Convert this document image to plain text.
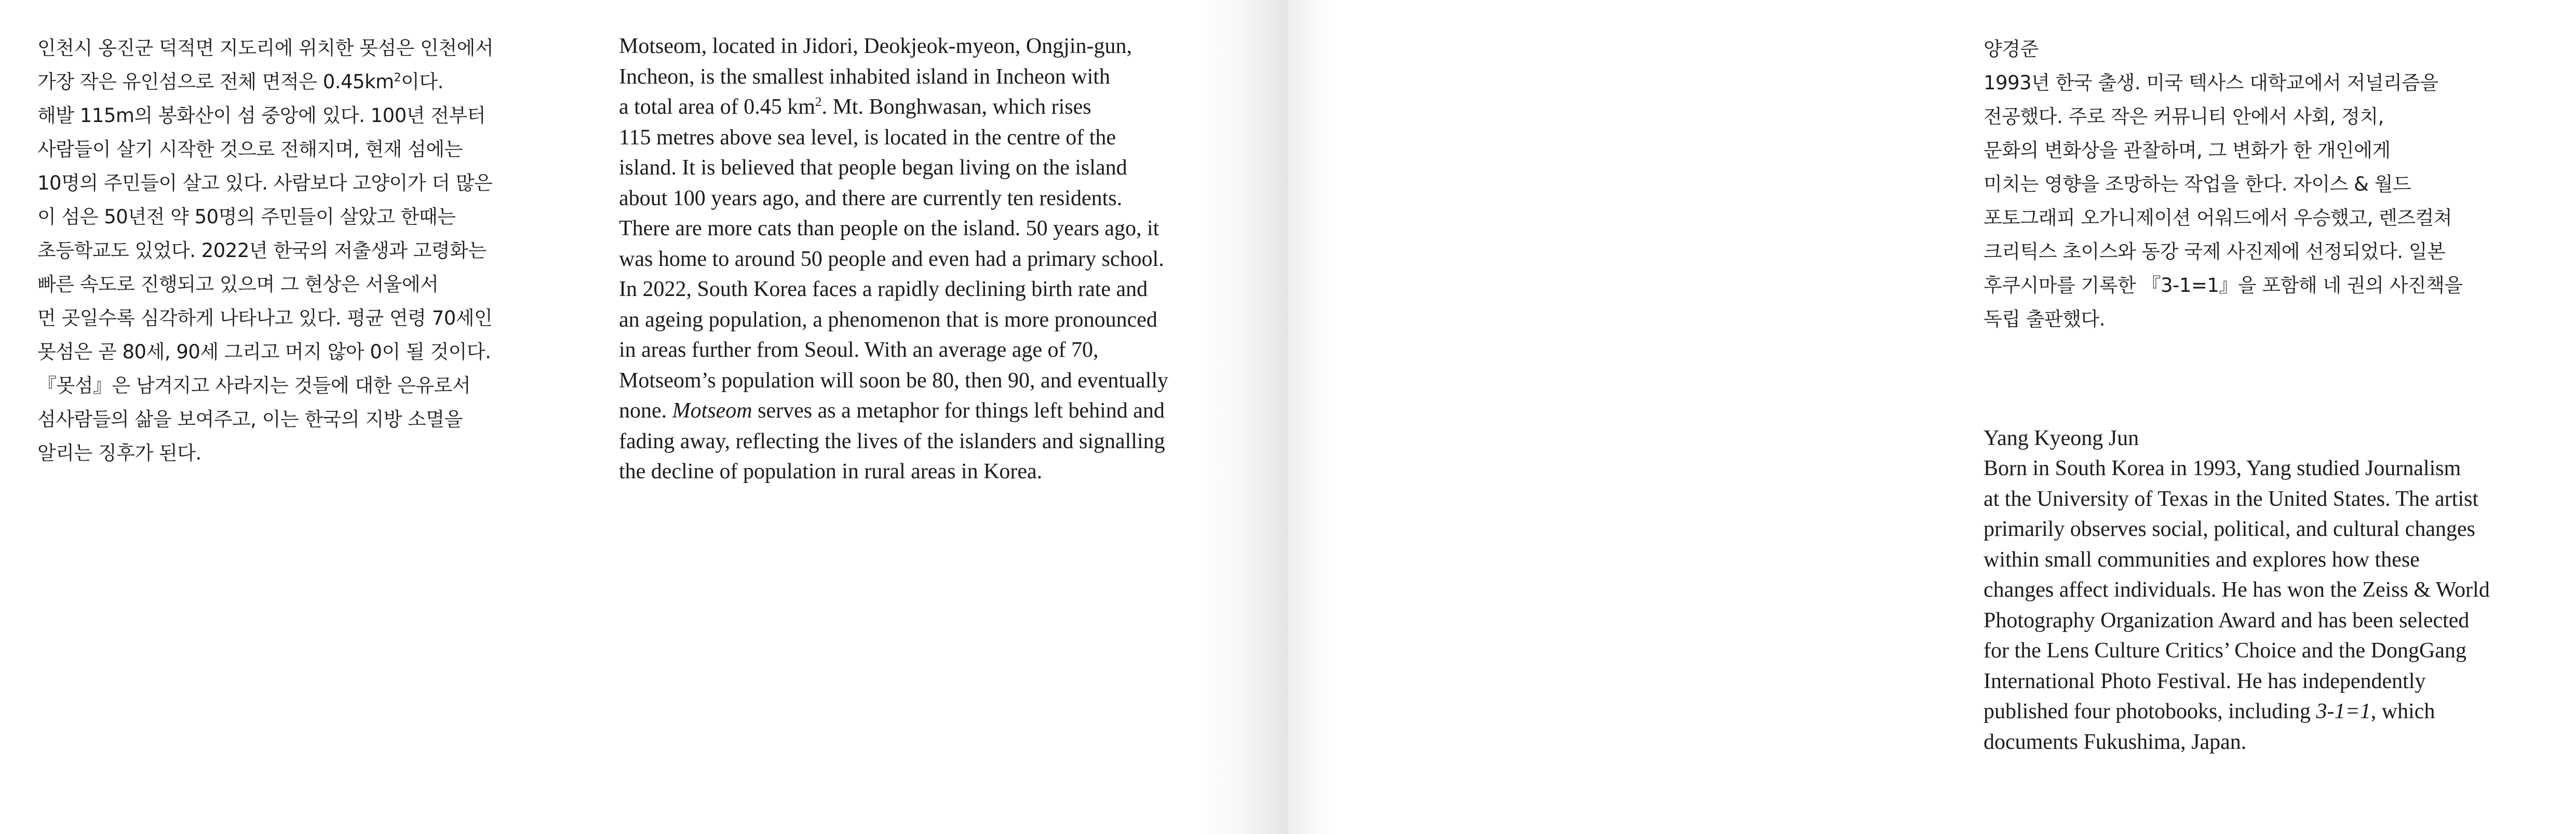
인천시 옹진군 덕적면 지도리에 위치한 못섬은 인천에서
가장 작은 유인섬으로 전체 면적은 $0.45km^2$이다.
해발 115m의 봉화산이 섬 중앙에 있다. 100년 전부터
사람들이 살기 시작한 것으로 전해지며, 현재 섬에는
10명의 주민들이 살고 있다. 사람보다 고양이가 더 많은
이 섬은 50년전 약 50명의 주민들이 살았고 한때는
초등학교도 있었다. 2022년 한국의 저출생과 고령화는
빠른 속도로 진행되고 있으며 그 현상은 서울에서
먼 곳일수록 심각하게 나타나고 있다. 평균 연령 70세인
못섬은 곧 80세, 90세 그리고 머지 않아 0이 될 것이다.
『못섬』은 남겨지고 사라지는 것들에 대한 은유로서
섬사람들의 삶을 보여주고, 이는 한국의 지방 소멸을
알리는 징후가 된다.

Motseom, located in Jidori, Deokjeok-myeon, Ongjin-gun,
Incheon, is the smallest inhabited island in Incheon with
a total area of 0.45 $km^2$. Mt. Bonghwasan, which rises
115 metres above sea level, is located in the centre of the
island. It is believed that people began living on the island
about 100 years ago, and there are currently ten residents.
There are more cats than people on the island. 50 years ago, it
was home to around 50 people and even had a primary school.
In 2022, South Korea faces a rapidly declining birth rate and
an ageing population, a phenomenon that is more pronounced
in areas further from Seoul. With an average age of 70,
Motseom’s population will soon be 80, then 90, and eventually
none. Motseom serves as a metaphor for things left behind and
fading away, reflecting the lives of the islanders and signalling
the decline of population in rural areas in Korea.

양경준

1993년 한국 출생. 미국 텍사스 대학교에서 저널리즘을
전공했다. 주로 작은 커뮤니티 안에서 사회, 정치,
문화의 변화상을 관찰하며, 그 변화가 한 개인에게
미치는 영향을 조망하는 작업을 한다. 자이스 & 월드
포토그래피 오가니제이션 어워드에서 우승했고, 렌즈컬쳐
크리틱스 초이스와 동강 국제 사진제에 선정되었다. 일본
후쿠시마를 기록한 『3-1=1』을 포함해 네 권의 사진책을
독립 출판했다.

Yang Kyeong Jun

Born in South Korea in 1993, Yang studied Journalism
at the University of Texas in the United States. The artist
primarily observes social, political, and cultural changes
within small communities and explores how these
changes affect individuals. He has won the Zeiss & World
Photography Organization Award and has been selected
for the Lens Culture Critics’ Choice and the DongGang
International Photo Festival. He has independently
published four photobooks, including 3-1=1, which
documents Fukushima, Japan.
